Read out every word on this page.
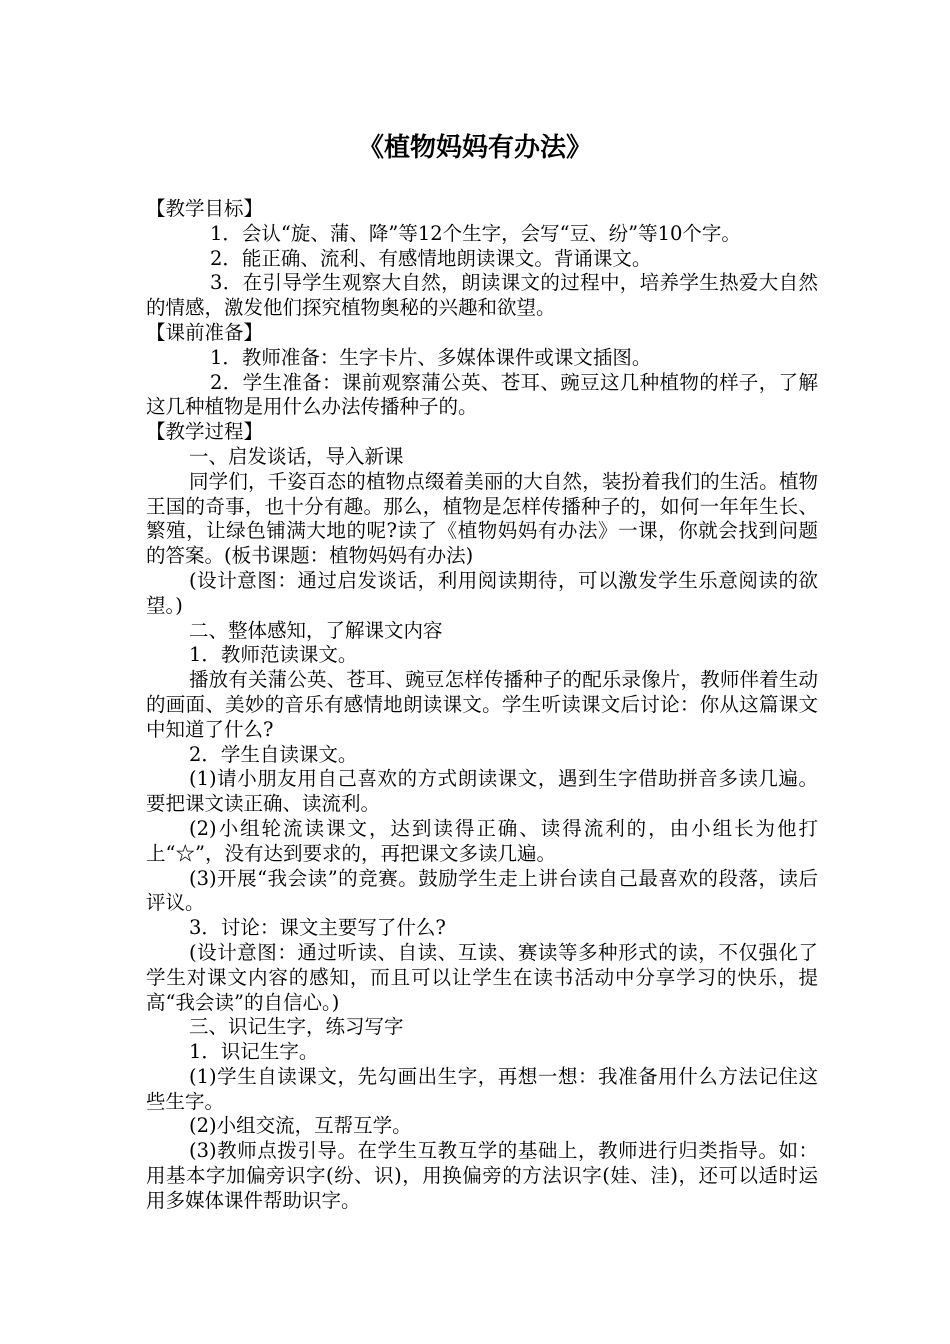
《植物妈妈有办法》

【教学目标】

1．会认“旋、蒲、降”等12个生字，会写“豆、纷”等10个字。

2．能正确、流利、有感情地朗读课文。背诵课文。

3．在引导学生观察大自然，朗读课文的过程中，培养学生热爱大自然的情感，激发他们探究植物奥秘的兴趣和欲望。

【课前准备】

1．教师准备：生字卡片、多媒体课件或课文插图。

2．学生准备：课前观察蒲公英、苍耳、豌豆这几种植物的样子，了解这几种植物是用什么办法传播种子的。

【教学过程】

一、启发谈话，导入新课

同学们，千姿百态的植物点缀着美丽的大自然，装扮着我们的生活。植物王国的奇事，也十分有趣。那么，植物是怎样传播种子的，如何一年年生长、繁殖，让绿色铺满大地的呢?读了《植物妈妈有办法》一课，你就会找到问题的答案。(板书课题：植物妈妈有办法)

(设计意图：通过启发谈话，利用阅读期待，可以激发学生乐意阅读的欲望。)

二、整体感知，了解课文内容

1．教师范读课文。

播放有关蒲公英、苍耳、豌豆怎样传播种子的配乐录像片，教师伴着生动的画面、美妙的音乐有感情地朗读课文。学生听读课文后讨论：你从这篇课文中知道了什么?

2．学生自读课文。

(1)请小朋友用自己喜欢的方式朗读课文，遇到生字借助拼音多读几遍。要把课文读正确、读流利。

(2)小组轮流读课文，达到读得正确、读得流利的，由小组长为他打上“☆”，没有达到要求的，再把课文多读几遍。

(3)开展“我会读”的竞赛。鼓励学生走上讲台读自己最喜欢的段落，读后评议。

3．讨论：课文主要写了什么?

(设计意图：通过听读、自读、互读、赛读等多种形式的读，不仅强化了学生对课文内容的感知，而且可以让学生在读书活动中分享学习的快乐，提高“我会读”的自信心。)

三、识记生字，练习写字

1．识记生字。

(1)学生自读课文，先勾画出生字，再想一想：我准备用什么方法记住这些生字。

(2)小组交流，互帮互学。

(3)教师点拨引导。在学生互教互学的基础上，教师进行归类指导。如：用基本字加偏旁识字(纷、识)，用换偏旁的方法识字(娃、洼)，还可以适时运用多媒体课件帮助识字。
